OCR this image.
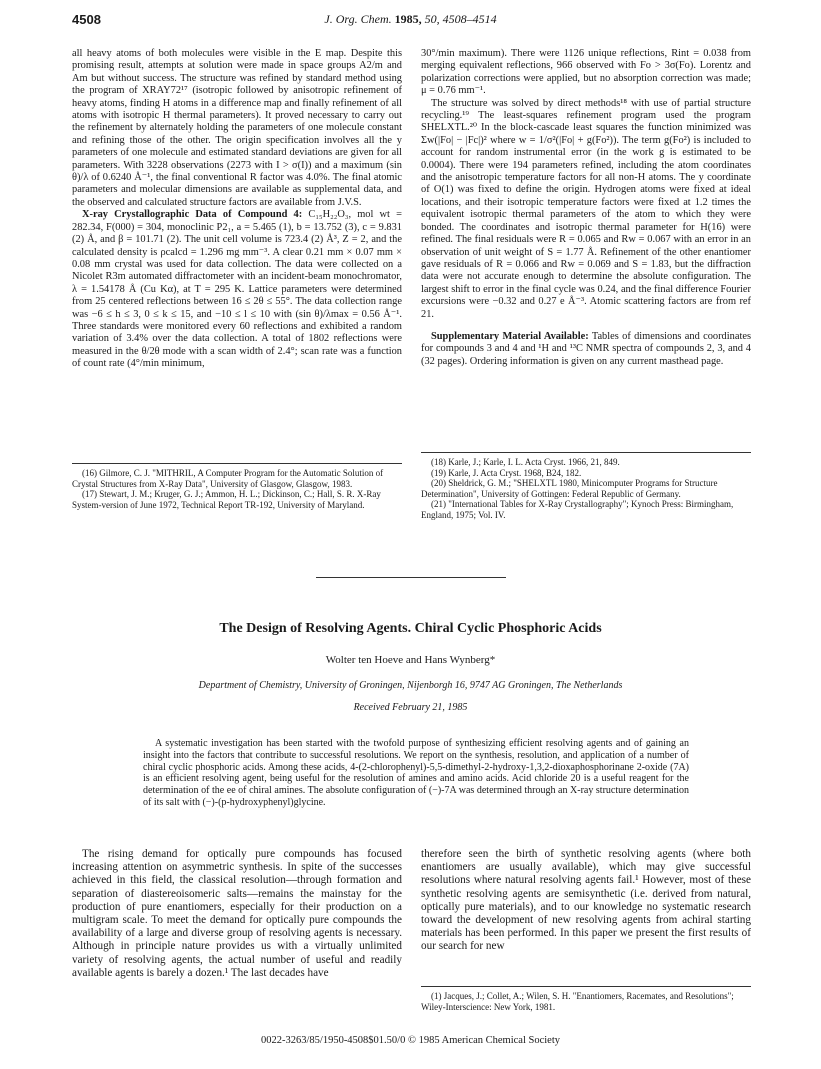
4508	J. Org. Chem. 1985, 50, 4508–4514

all heavy atoms of both molecules were visible in the E map. Despite this promising result, attempts at solution were made in space groups A2/m and Am but without success. The structure was refined by standard method using the program of XRAY72¹⁷ (isotropic followed by anisotropic refinement of heavy atoms, finding H atoms in a difference map and finally refinement of all atoms with isotropic H thermal parameters). It proved necessary to carry out the refinement by alternately holding the parameters of one molecule constant and refining those of the other. The origin specification involves all the y parameters of one molecule and estimated standard deviations are given for all parameters. With 3228 observations (2273 with I > σ(I)) and a maximum (sin θ)/λ of 0.6240 Å⁻¹, the final conventional R factor was 4.0%. The final atomic parameters and molecular dimensions are available as supplemental data, and the observed and calculated structure factors are available from J.V.S.

X-ray Crystallographic Data of Compound 4: C₁₅H₂₂O₃, mol wt = 282.34, F(000) = 304, monoclinic P2₁, a = 5.465 (1), b = 13.752 (3), c = 9.831 (2) Å, and β = 101.71 (2). The unit cell volume is 723.4 (2) Å³, Z = 2, and the calculated density is ρcalcd = 1.296 mg mm⁻³. A clear 0.21 mm × 0.07 mm × 0.08 mm crystal was used for data collection. The data were collected on a Nicolet R3m automated diffractometer with an incident-beam monochromator, λ = 1.54178 Å (Cu Kα), at T = 295 K. Lattice parameters were determined from 25 centered reflections between 16 ≤ 2θ ≤ 55°. The data collection range was −6 ≤ h ≤ 3, 0 ≤ k ≤ 15, and −10 ≤ l ≤ 10 with (sin θ)/λmax = 0.56 Å⁻¹. Three standards were monitored every 60 reflections and exhibited a random variation of 3.4% over the data collection. A total of 1802 reflections were measured in the θ/2θ mode with a scan width of 2.4°; scan rate was a function of count rate (4°/min minimum,

30°/min maximum). There were 1126 unique reflections, Rint = 0.038 from merging equivalent reflections, 966 observed with Fo > 3σ(Fo). Lorentz and polarization corrections were applied, but no absorption correction was made; μ = 0.76 mm⁻¹.

The structure was solved by direct methods¹⁸ with use of partial structure recycling.¹⁹ The least-squares refinement program used the program SHELXTL.²⁰ In the block-cascade least squares the function minimized was Σw(|Fo| − |Fc|)² where w = 1/σ²(|Fo| + g(Fo²)). The term g(Fo²) is included to account for random instrumental error (in the work g is estimated to be 0.0004). There were 194 parameters refined, including the atom coordinates and the anisotropic temperature factors for all non-H atoms. The y coordinate of O(1) was fixed to define the origin. Hydrogen atoms were fixed at ideal locations, and their isotropic temperature factors were fixed at 1.2 times the equivalent isotropic thermal parameters of the atom to which they were bonded. The coordinates and isotropic thermal parameter for H(16) were refined. The final residuals were R = 0.065 and Rw = 0.067 with an error in an observation of unit weight of S = 1.77 Å. Refinement of the other enantiomer gave residuals of R = 0.066 and Rw = 0.069 and S = 1.83, but the diffraction data were not accurate enough to determine the absolute configuration. The largest shift to error in the final cycle was 0.24, and the final difference Fourier excursions were −0.32 and 0.27 e Å⁻³. Atomic scattering factors are from ref 21.

Supplementary Material Available: Tables of dimensions and coordinates for compounds 3 and 4 and ¹H and ¹³C NMR spectra of compounds 2, 3, and 4 (32 pages). Ordering information is given on any current masthead page.

(16) Gilmore, C. J. "MITHRIL, A Computer Program for the Automatic Solution of Crystal Structures from X-Ray Data", University of Glasgow, Glasgow, 1983.

(17) Stewart, J. M.; Kruger, G. J.; Ammon, H. L.; Dickinson, C.; Hall, S. R. X-Ray System-version of June 1972, Technical Report TR-192, University of Maryland.

(18) Karle, J.; Karle, I. L. Acta Cryst. 1966, 21, 849.

(19) Karle, J. Acta Cryst. 1968, B24, 182.

(20) Sheldrick, G. M.; "SHELXTL 1980, Minicomputer Programs for Structure Determination", University of Gottingen: Federal Republic of Germany.

(21) "International Tables for X-Ray Crystallography"; Kynoch Press: Birmingham, England, 1975; Vol. IV.

The Design of Resolving Agents. Chiral Cyclic Phosphoric Acids
Wolter ten Hoeve and Hans Wynberg*
Department of Chemistry, University of Groningen, Nijenborgh 16, 9747 AG Groningen, The Netherlands
Received February 21, 1985
A systematic investigation has been started with the twofold purpose of synthesizing efficient resolving agents and of gaining an insight into the factors that contribute to successful resolutions. We report on the synthesis, resolution, and application of a number of chiral cyclic phosphoric acids. Among these acids, 4-(2-chlorophenyl)-5,5-dimethyl-2-hydroxy-1,3,2-dioxaphosphorinane 2-oxide (7A) is an efficient resolving agent, being useful for the resolution of amines and amino acids. Acid chloride 20 is a useful reagent for the determination of the ee of chiral amines. The absolute configuration of (−)-7A was determined through an X-ray structure determination of its salt with (−)-(p-hydroxyphenyl)glycine.

The rising demand for optically pure compounds has focused increasing attention on asymmetric synthesis. In spite of the successes achieved in this field, the classical resolution—through formation and separation of diastereoisomeric salts—remains the mainstay for the production of pure enantiomers, especially for their production on a multigram scale. To meet the demand for optically pure compounds the availability of a large and diverse group of resolving agents is necessary. Although in principle nature provides us with a virtually unlimited variety of resolving agents, the actual number of useful and readily available agents is barely a dozen.¹ The last decades have

therefore seen the birth of synthetic resolving agents (where both enantiomers are usually available), which may give successful resolutions where natural resolving agents fail.¹ However, most of these synthetic resolving agents are semisynthetic (i.e. derived from natural, optically pure materials), and to our knowledge no systematic research toward the development of new resolving agents from achiral starting materials has been performed. In this paper we present the first results of our search for new

(1) Jacques, J.; Collet, A.; Wilen, S. H. "Enantiomers, Racemates, and Resolutions"; Wiley-Interscience: New York, 1981.

0022-3263/85/1950-4508$01.50/0 © 1985 American Chemical Society
